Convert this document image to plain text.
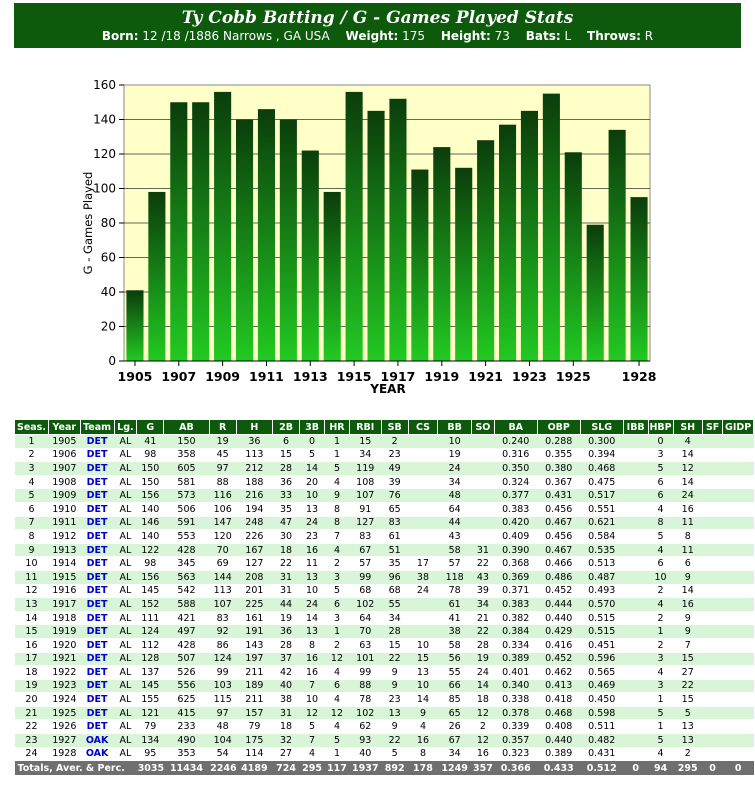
Ty Cobb Batting / G - Games Played Stats
Born: 12 /18 /1886 Narrows , GA USA Weight: 175 Height: 73 Bats: L Throws: R
0
20
40
60
80
100
120
140
160
1905 1907 1909 1911 1913 1915 1917 1919 1921 1923 1925 1928
G - Games Played
YEAR
Seas.	Year	Team	Lg.	G	AB	R	H	2B	3B	HR	RBI	SB	CS	BB	SO	BA	OBP	SLG	IBB	HBP	SH	SF	GIDP
1	1905	DET	AL	41	150	19	36	6	0	1	15	2		10		0.240	0.288	0.300		0	4		
2	1906	DET	AL	98	358	45	113	15	5	1	34	23		19		0.316	0.355	0.394		3	14		
3	1907	DET	AL	150	605	97	212	28	14	5	119	49		24		0.350	0.380	0.468		5	12		
4	1908	DET	AL	150	581	88	188	36	20	4	108	39		34		0.324	0.367	0.475		6	14		
5	1909	DET	AL	156	573	116	216	33	10	9	107	76		48		0.377	0.431	0.517		6	24		
6	1910	DET	AL	140	506	106	194	35	13	8	91	65		64		0.383	0.456	0.551		4	16		
7	1911	DET	AL	146	591	147	248	47	24	8	127	83		44		0.420	0.467	0.621		8	11		
8	1912	DET	AL	140	553	120	226	30	23	7	83	61		43		0.409	0.456	0.584		5	8		
9	1913	DET	AL	122	428	70	167	18	16	4	67	51		58	31	0.390	0.467	0.535		4	11		
10	1914	DET	AL	98	345	69	127	22	11	2	57	35	17	57	22	0.368	0.466	0.513		6	6		
11	1915	DET	AL	156	563	144	208	31	13	3	99	96	38	118	43	0.369	0.486	0.487		10	9		
12	1916	DET	AL	145	542	113	201	31	10	5	68	68	24	78	39	0.371	0.452	0.493		2	14		
13	1917	DET	AL	152	588	107	225	44	24	6	102	55		61	34	0.383	0.444	0.570		4	16		
14	1918	DET	AL	111	421	83	161	19	14	3	64	34		41	21	0.382	0.440	0.515		2	9		
15	1919	DET	AL	124	497	92	191	36	13	1	70	28		38	22	0.384	0.429	0.515		1	9		
16	1920	DET	AL	112	428	86	143	28	8	2	63	15	10	58	28	0.334	0.416	0.451		2	7		
17	1921	DET	AL	128	507	124	197	37	16	12	101	22	15	56	19	0.389	0.452	0.596		3	15		
18	1922	DET	AL	137	526	99	211	42	16	4	99	9	13	55	24	0.401	0.462	0.565		4	27		
19	1923	DET	AL	145	556	103	189	40	7	6	88	9	10	66	14	0.340	0.413	0.469		3	22		
20	1924	DET	AL	155	625	115	211	38	10	4	78	23	14	85	18	0.338	0.418	0.450		1	15		
21	1925	DET	AL	121	415	97	157	31	12	12	102	13	9	65	12	0.378	0.468	0.598		5	5		
22	1926	DET	AL	79	233	48	79	18	5	4	62	9	4	26	2	0.339	0.408	0.511		1	13		
23	1927	OAK	AL	134	490	104	175	32	7	5	93	22	16	67	12	0.357	0.440	0.482		5	13		
24	1928	OAK	AL	95	353	54	114	27	4	1	40	5	8	34	16	0.323	0.389	0.431		4	2		
Totals, Aver. & Perc.				3035	11434	2246	4189	724	295	117	1937	892	178	1249	357	0.366	0.433	0.512	0	94	295	0	0
